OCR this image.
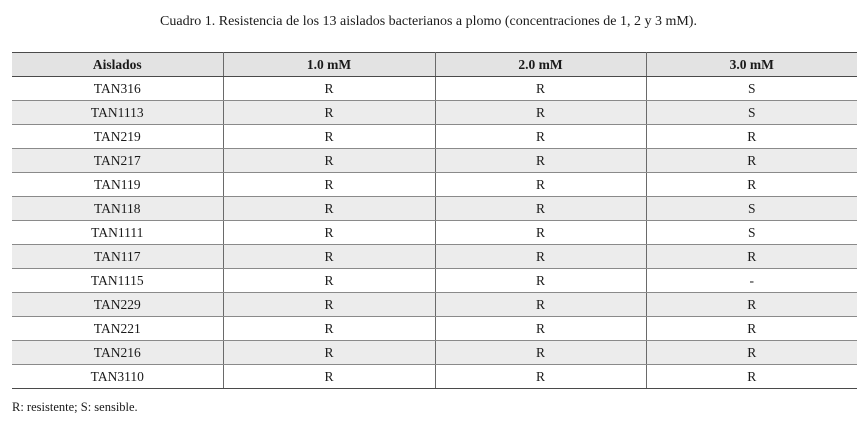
Cuadro 1. Resistencia de los 13 aislados bacterianos a plomo (concentraciones de 1, 2 y 3 mM).
Aislados	1.0 mM	2.0 mM	3.0 mM
TAN316	R	R	S
TAN1113	R	R	S
TAN219	R	R	R
TAN217	R	R	R
TAN119	R	R	R
TAN118	R	R	S
TAN1111	R	R	S
TAN117	R	R	R
TAN1115	R	R	-
TAN229	R	R	R
TAN221	R	R	R
TAN216	R	R	R
TAN3110	R	R	R
R: resistente; S: sensible.
